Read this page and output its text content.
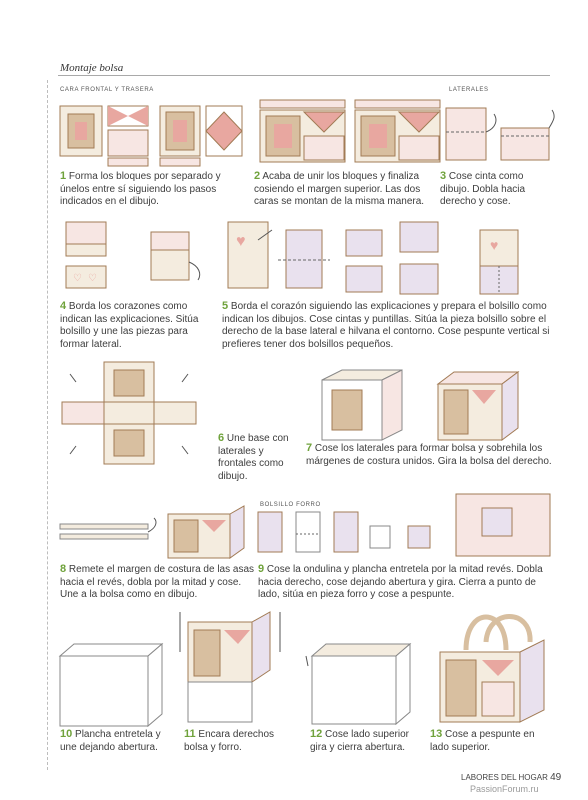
Montaje bolsa
CARA FRONTAL Y TRASERA	LATERALES
BOLSILLO FORRO
1 Forma los bloques por separado y únelos entre sí siguiendo los pasos indicados en el dibujo.
2 Acaba de unir los bloques y finaliza cosiendo el margen superior. Las dos caras se montan de la misma manera.
3 Cose cinta como dibujo. Dobla hacia derecho y cose.
♡ ♡
♥	♥
4 Borda los corazones como indican las explicaciones. Sitúa bolsillo y une las piezas para formar lateral.
5 Borda el corazón siguiendo las explicaciones y prepara el bolsillo como indican los dibujos. Cose cintas y puntillas. Sitúa la pieza bolsillo sobre el derecho de la base lateral e hilvana el contorno. Cose pespunte vertical si prefieres tener dos bolsillos pequeños.
6 Une base con laterales y frontales como dibujo.
7 Cose los laterales para formar bolsa y sobrehila los márgenes de costura unidos. Gira la bolsa del derecho.
8 Remete el margen de costura de las asas hacia el revés, dobla por la mitad y cose. Une a la bolsa como en dibujo.
9 Cose la ondulina y plancha entretela por la mitad revés. Dobla hacia derecho, cose dejando abertura y gira. Cierra a punto de lado, sitúa en pieza forro y cose a pespunte.
10 Plancha entretela y une dejando abertura.
11 Encara derechos bolsa y forro.
12 Cose lado superior gira y cierra abertura.
13 Cose a pespunte en lado superior.
LABORES DEL HOGAR 49
PassionForum.ru
